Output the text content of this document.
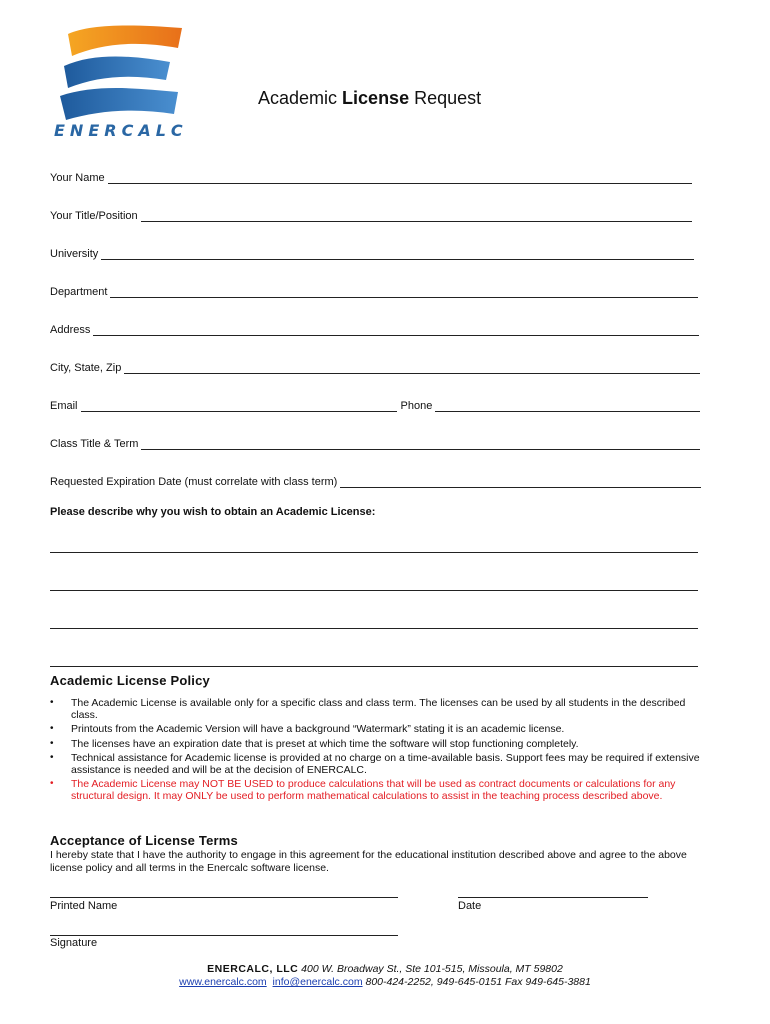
ENERCALC
Academic License Request
Your Name
Your Title/Position
University
Department
Address
City, State, Zip
Email	Phone
Class Title & Term
Requested Expiration Date (must correlate with class term)
Please describe why you wish to obtain an Academic License:
Academic License Policy
• The Academic License is available only for a specific class and class term. The licenses can be used by all students in the described class.
• Printouts from the Academic Version will have a background “Watermark” stating it is an academic license.
• The licenses have an expiration date that is preset at which time the software will stop functioning completely.
• Technical assistance for Academic license is provided at no charge on a time-available basis. Support fees may be required if extensive assistance is needed and will be at the decision of ENERCALC.
• The Academic License may NOT BE USED to produce calculations that will be used as contract documents or calculations for any structural design. It may ONLY be used to perform mathematical calculations to assist in the teaching process described above.
Acceptance of License Terms

I hereby state that I have the authority to engage in this agreement for the educational institution described above and agree to the above license policy and all terms in the Enercalc software license.

Printed Name	Date
Signature
ENERCALC, LLC 400 W. Broadway St., Ste 101-515, Missoula, MT 59802
www.enercalc.com info@enercalc.com 800-424-2252, 949-645-0151 Fax 949-645-3881
